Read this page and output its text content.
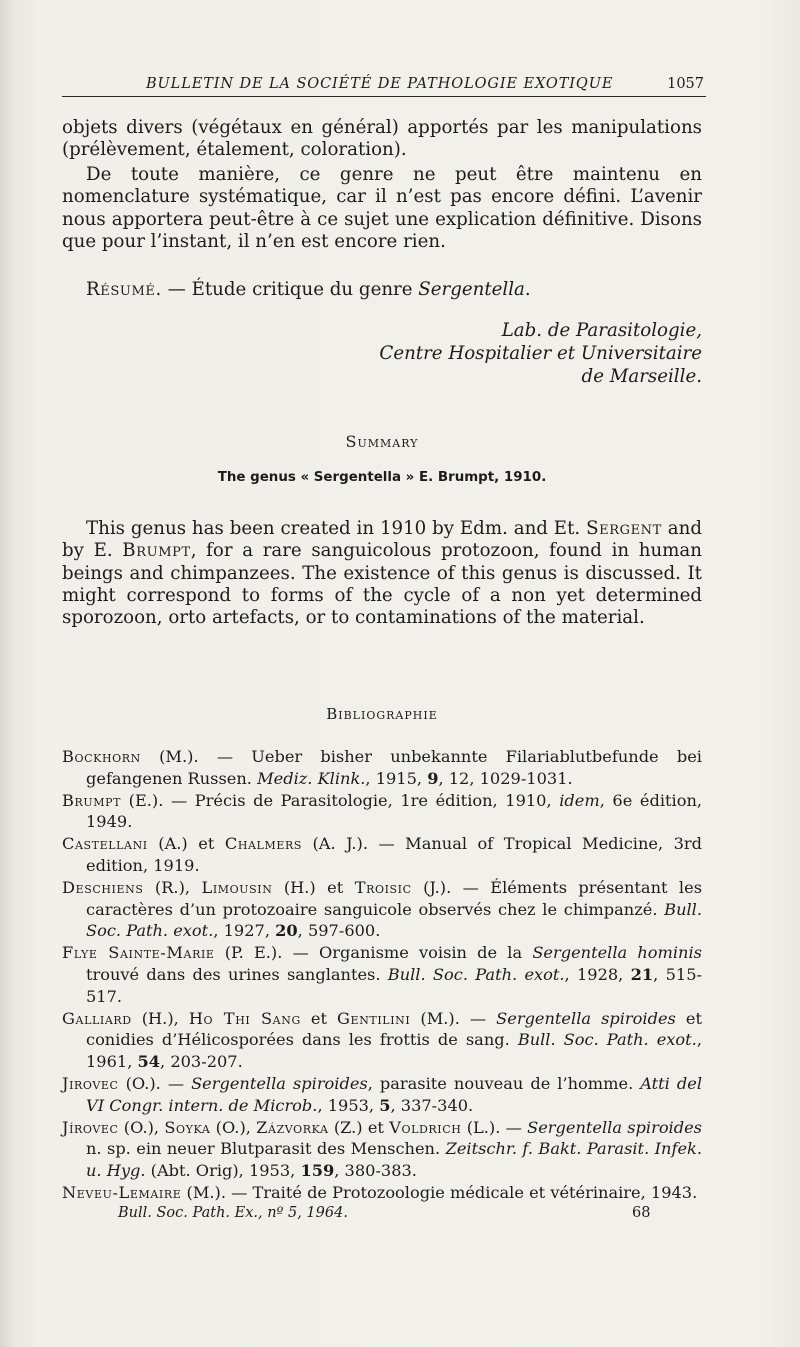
BULLETIN DE LA SOCIÉTÉ DE PATHOLOGIE EXOTIQUE	1057

objets divers (végétaux en général) apportés par les manipulations (prélèvement, étalement, coloration).

De toute manière, ce genre ne peut être maintenu en nomenclature systématique, car il n’est pas encore défini. L’avenir nous apportera peut-être à ce sujet une explication définitive. Disons que pour l’instant, il n’en est encore rien.

Résumé. — Étude critique du genre Sergentella.

Lab. de Parasitologie,
Centre Hospitalier et Universitaire
de Marseille.
Summary
The genus « Sergentella » E. Brumpt, 1910.

This genus has been created in 1910 by Edm. and Et. Sergent and by E. Brumpt, for a rare sanguicolous protozoon, found in human beings and chimpanzees. The existence of this genus is discussed. It might correspond to forms of the cycle of a non yet determined sporozoon, orto artefacts, or to contaminations of the material.

Bibliographie

Bockhorn (M.). — Ueber bisher unbekannte Filariablutbefunde bei gefangenen Russen. Mediz. Klink., 1915, 9, 12, 1029-1031.

Brumpt (E.). — Précis de Parasitologie, 1re édition, 1910, idem, 6e édition, 1949.

Castellani (A.) et Chalmers (A. J.). — Manual of Tropical Medicine, 3rd edition, 1919.

Deschiens (R.), Limousin (H.) et Troisic (J.). — Éléments présentant les caractères d’un protozoaire sanguicole observés chez le chimpanzé. Bull. Soc. Path. exot., 1927, 20, 597-600.

Flye Sainte-Marie (P. E.). — Organisme voisin de la Sergentella hominis trouvé dans des urines sanglantes. Bull. Soc. Path. exot., 1928, 21, 515-517.

Galliard (H.), Ho Thi Sang et Gentilini (M.). — Sergentella spiroides et conidies d’Hélicosporées dans les frottis de sang. Bull. Soc. Path. exot., 1961, 54, 203-207.

Jirovec (O.). — Sergentella spiroides, parasite nouveau de l’homme. Atti del VI Congr. intern. de Microb., 1953, 5, 337-340.

Jírovec (O.), Soyka (O.), Zázvorka (Z.) et Voldrich (L.). — Sergentella spiroides n. sp. ein neuer Blutparasit des Menschen. Zeitschr. f. Bakt. Parasit. Infek. u. Hyg. (Abt. Orig), 1953, 159, 380-383.

Neveu-Lemaire (M.). — Traité de Protozoologie médicale et vétérinaire, 1943.

Bull. Soc. Path. Ex., nº 5, 1964.	68
